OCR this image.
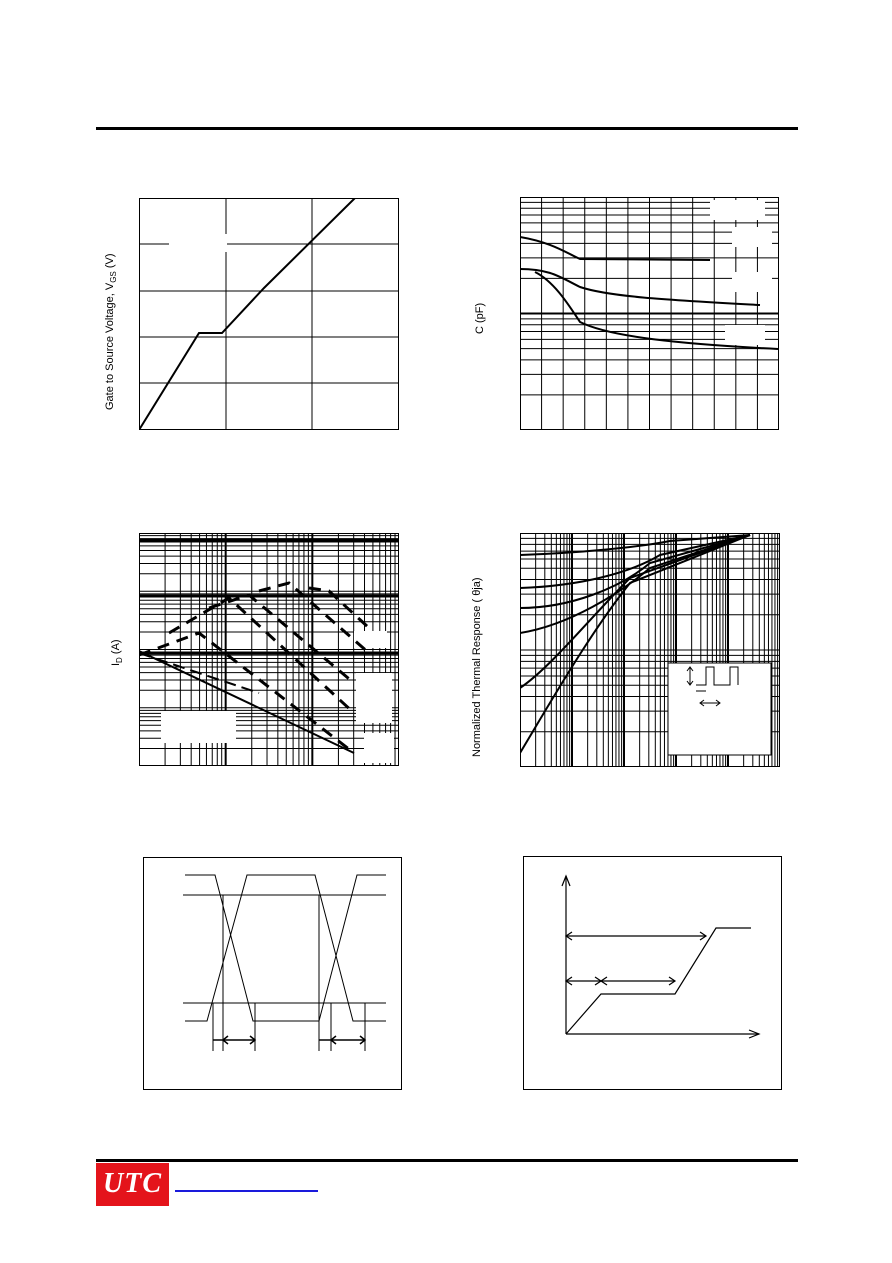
Gate to Source Voltage, $V_{GS}$ (V)
C (pF)
$I_D$ (A)	Normalized Thermal Response ( θja)
UTC
